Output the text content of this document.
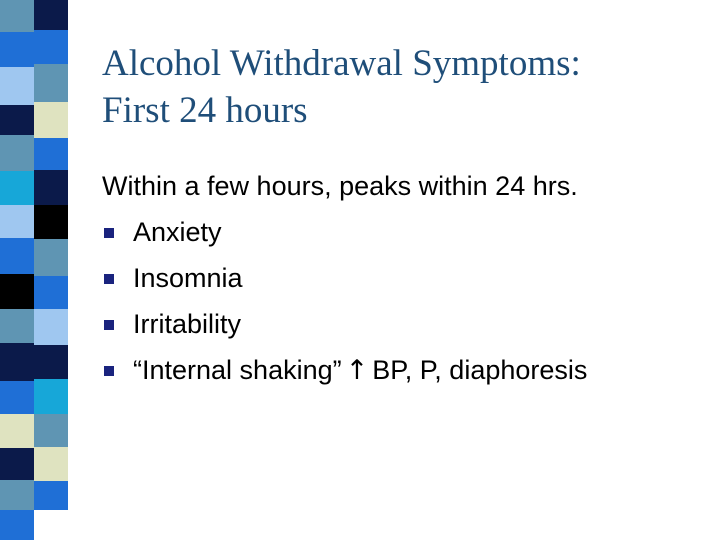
Alcohol Withdrawal Symptoms:
First 24 hours
Within a few hours, peaks within 24 hrs.
Anxiety
Insomnia
Irritability
“Internal shaking” ↑ BP, P, diaphoresis
